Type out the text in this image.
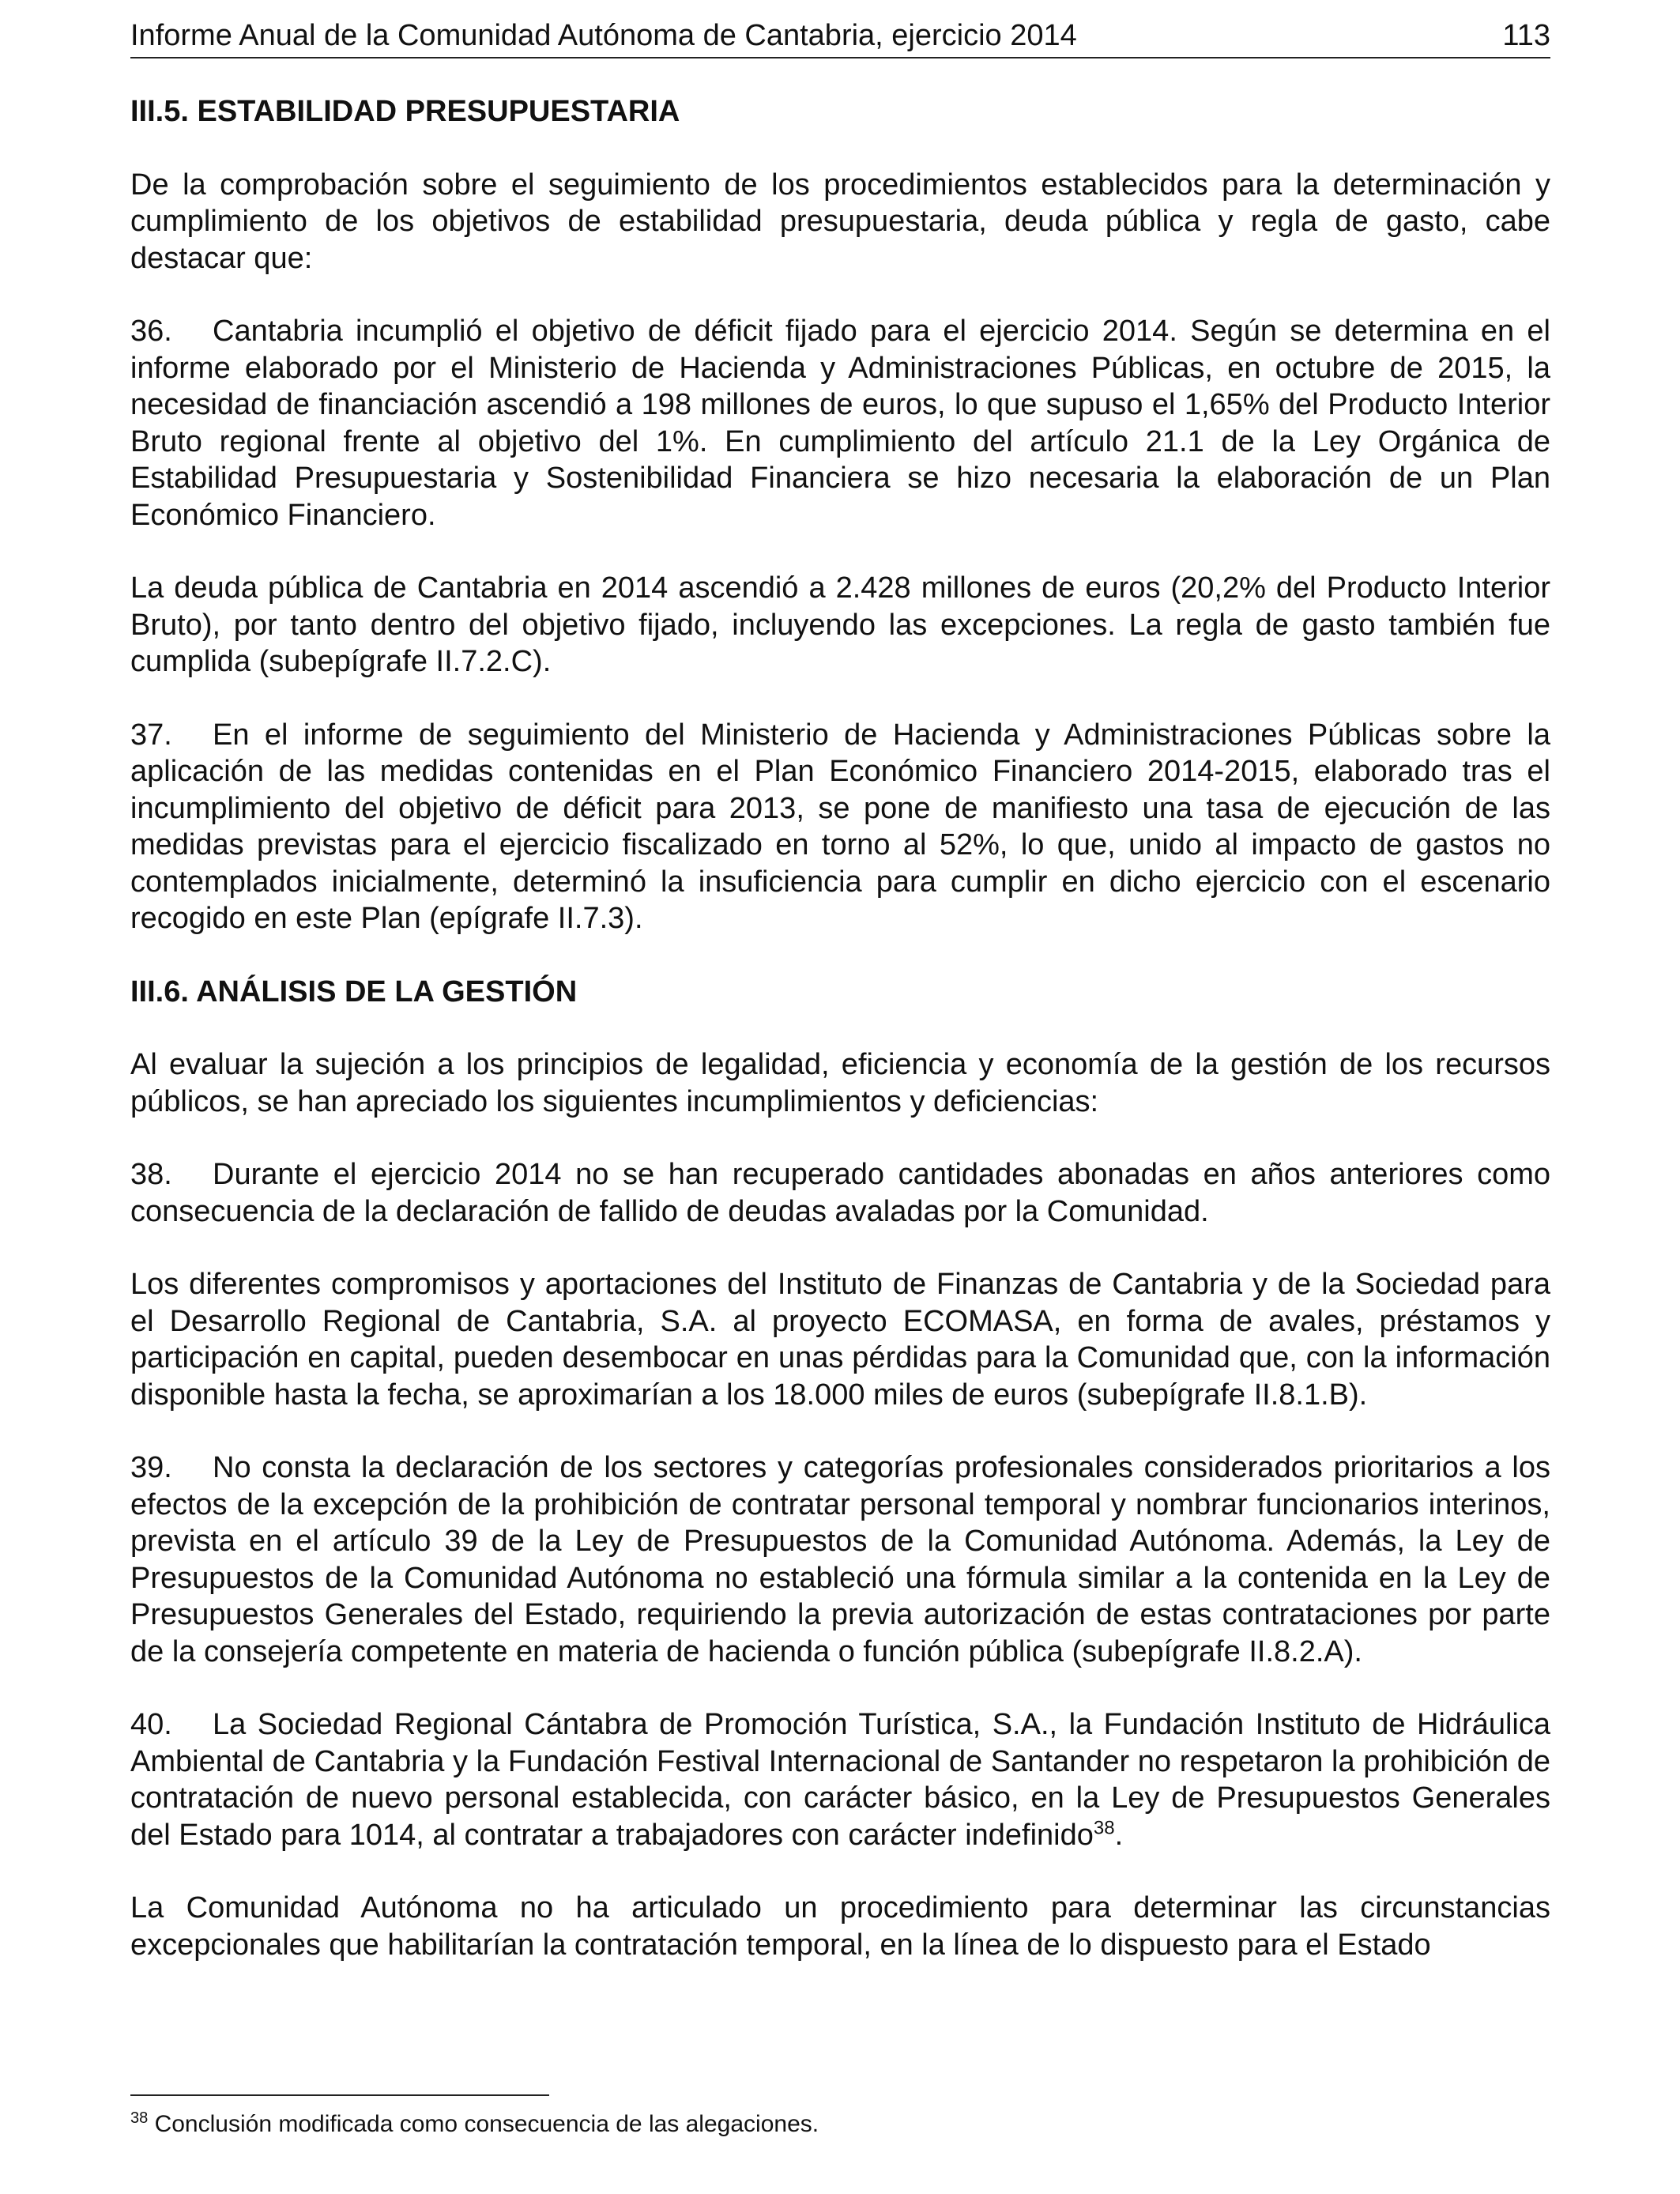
Informe Anual de la Comunidad Autónoma de Cantabria, ejercicio 2014	113
III.5. ESTABILIDAD PRESUPUESTARIA

De la comprobación sobre el seguimiento de los procedimientos establecidos para la determinación y cumplimiento de los objetivos de estabilidad presupuestaria, deuda pública y regla de gasto, cabe destacar que:

36. Cantabria incumplió el objetivo de déficit fijado para el ejercicio 2014. Según se determina en el informe elaborado por el Ministerio de Hacienda y Administraciones Públicas, en octubre de 2015, la necesidad de financiación ascendió a 198 millones de euros, lo que supuso el 1,65% del Producto Interior Bruto regional frente al objetivo del 1%. En cumplimiento del artículo 21.1 de la Ley Orgánica de Estabilidad Presupuestaria y Sostenibilidad Financiera se hizo necesaria la elaboración de un Plan Económico Financiero.

La deuda pública de Cantabria en 2014 ascendió a 2.428 millones de euros (20,2% del Producto Interior Bruto), por tanto dentro del objetivo fijado, incluyendo las excepciones. La regla de gasto también fue cumplida (subepígrafe II.7.2.C).

37. En el informe de seguimiento del Ministerio de Hacienda y Administraciones Públicas sobre la aplicación de las medidas contenidas en el Plan Económico Financiero 2014-2015, elaborado tras el incumplimiento del objetivo de déficit para 2013, se pone de manifiesto una tasa de ejecución de las medidas previstas para el ejercicio fiscalizado en torno al 52%, lo que, unido al impacto de gastos no contemplados inicialmente, determinó la insuficiencia para cumplir en dicho ejercicio con el escenario recogido en este Plan (epígrafe II.7.3).

III.6. ANÁLISIS DE LA GESTIÓN

Al evaluar la sujeción a los principios de legalidad, eficiencia y economía de la gestión de los recursos públicos, se han apreciado los siguientes incumplimientos y deficiencias:

38. Durante el ejercicio 2014 no se han recuperado cantidades abonadas en años anteriores como consecuencia de la declaración de fallido de deudas avaladas por la Comunidad.

Los diferentes compromisos y aportaciones del Instituto de Finanzas de Cantabria y de la Sociedad para el Desarrollo Regional de Cantabria, S.A. al proyecto ECOMASA, en forma de avales, préstamos y participación en capital, pueden desembocar en unas pérdidas para la Comunidad que, con la información disponible hasta la fecha, se aproximarían a los 18.000 miles de euros (subepígrafe II.8.1.B).

39. No consta la declaración de los sectores y categorías profesionales considerados prioritarios a los efectos de la excepción de la prohibición de contratar personal temporal y nombrar funcionarios interinos, prevista en el artículo 39 de la Ley de Presupuestos de la Comunidad Autónoma. Además, la Ley de Presupuestos de la Comunidad Autónoma no estableció una fórmula similar a la contenida en la Ley de Presupuestos Generales del Estado, requiriendo la previa autorización de estas contrataciones por parte de la consejería competente en materia de hacienda o función pública (subepígrafe II.8.2.A).

40. La Sociedad Regional Cántabra de Promoción Turística, S.A., la Fundación Instituto de Hidráulica Ambiental de Cantabria y la Fundación Festival Internacional de Santander no respetaron la prohibición de contratación de nuevo personal establecida, con carácter básico, en la Ley de Presupuestos Generales del Estado para 1014, al contratar a trabajadores con carácter indefinido$^{38}$.

La Comunidad Autónoma no ha articulado un procedimiento para determinar las circunstancias excepcionales que habilitarían la contratación temporal, en la línea de lo dispuesto para el Estado

$^{38}$ Conclusión modificada como consecuencia de las alegaciones.
